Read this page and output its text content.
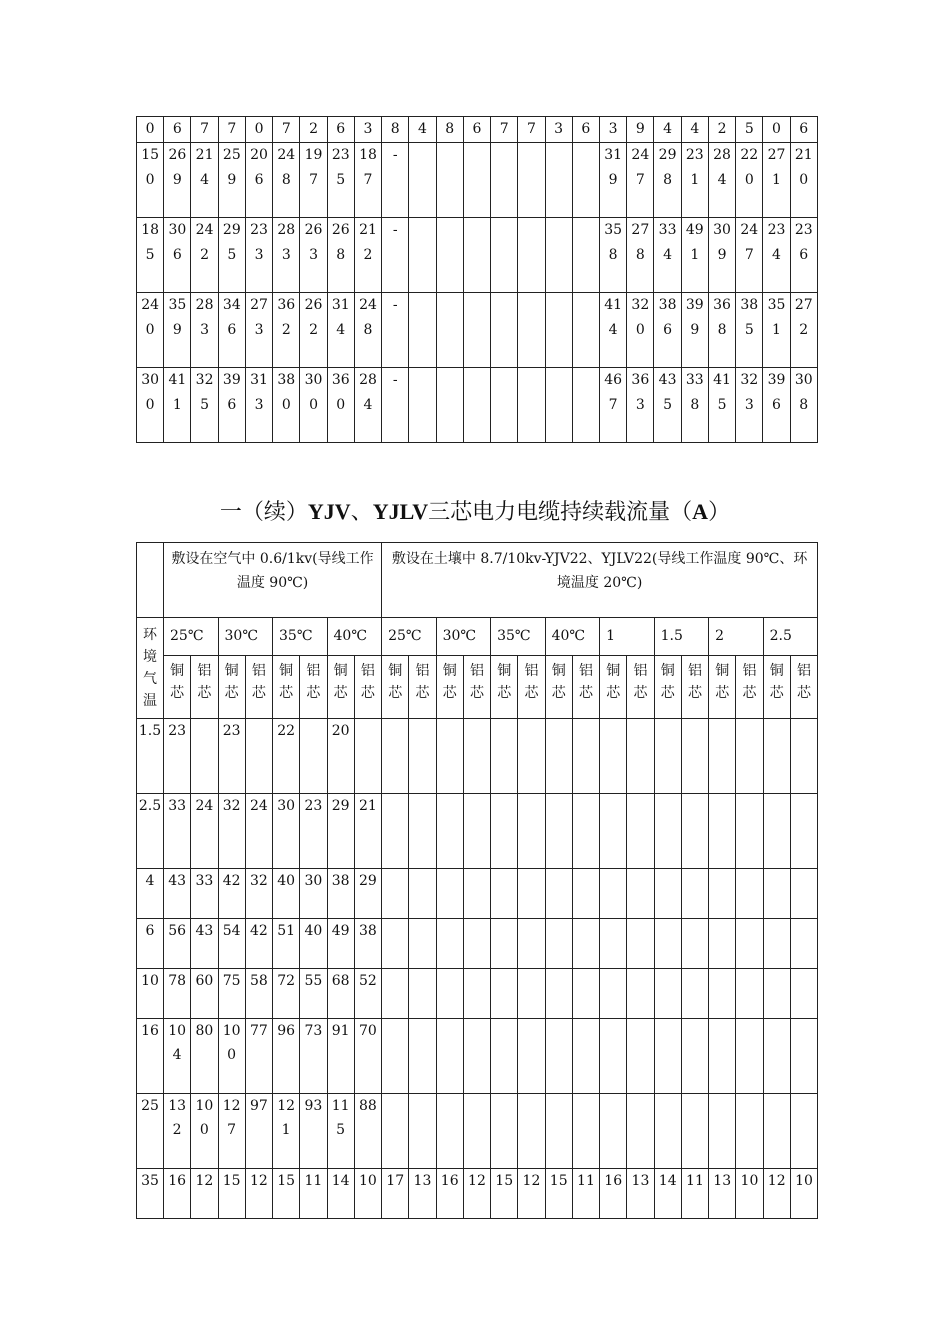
0	6	7	7	0	7	2	6	3	8	4	8	6	7	7	3	6	3	9	4	4	2	5	0	6
150	269	214	259	206	248	197	235	187	-								319	247	298	231	284	220	271	210
185	306	242	295	233	283	263	268	212	-								358	278	334	491	309	247	234	236
240	359	283	346	273	362	262	314	248	-								414	320	386	399	368	385	351	272
300	411	325	396	313	380	300	360	284	-								467	363	435	338	415	323	396	308
一（续）YJV、YJLV三芯电力电缆持续载流量（A）
	敷设在空气中 0.6/1kv(导线工作温度 90℃)								敷设在土壤中 8.7/10kv-YJV22、YJLV22(导线工作温度 90℃、环境温度 20℃)															
环境气温	25℃		30℃		35℃		40℃		25℃		30℃		35℃		40℃		1		1.5		2		2.5	
	铜芯	铝芯	铜芯	铝芯	铜芯	铝芯	铜芯	铝芯	铜芯	铝芯	铜芯	铝芯	铜芯	铝芯	铜芯	铝芯	铜芯	铝芯	铜芯	铝芯	铜芯	铝芯	铜芯	铝芯
1.5	23		23		22		20																	
2.5	33	24	32	24	30	23	29	21																
4	43	33	42	32	40	30	38	29																
6	56	43	54	42	51	40	49	38																
10	78	60	75	58	72	55	68	52																
16	104	80	100	77	96	73	91	70																
25	132	100	127	97	121	93	115	88																
35	16	12	15	12	15	11	14	10	17	13	16	12	15	12	15	11	16	13	14	11	13	10	12	10
